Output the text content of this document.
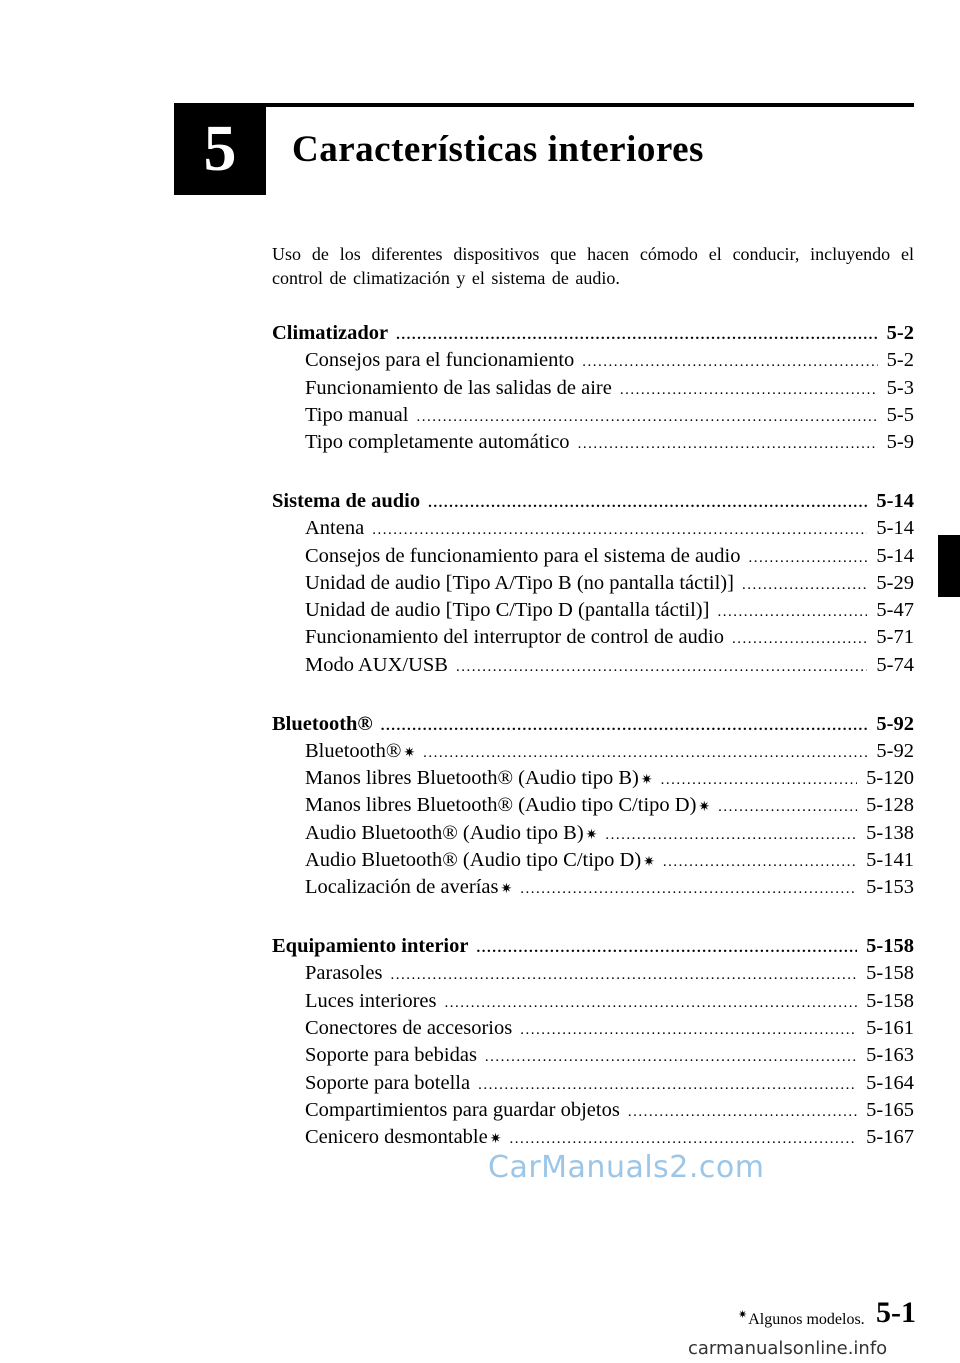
5	Características interiores

Uso de los diferentes dispositivos que hacen cómodo el conducir, incluyendo el control de climatización y el sistema de audio.

Climatizador .....	5-2
Consejos para el funcionamiento .....	5-2
Funcionamiento de las salidas de aire .....	5-3
Tipo manual .....	5-5
Tipo completamente automático .....	5-9
Sistema de audio .....	5-14
Antena .....	5-14
Consejos de funcionamiento para el sistema de audio .....	5-14
Unidad de audio [Tipo A/Tipo B (no pantalla táctil)] .....	5-29
Unidad de audio [Tipo C/Tipo D (pantalla táctil)] .....	5-47
Funcionamiento del interruptor de control de audio .....	5-71
Modo AUX/USB .....	5-74
Bluetooth® .....	5-92
Bluetooth® ✷ .....	5-92
Manos libres Bluetooth® (Audio tipo B) ✷ .....	5-120
Manos libres Bluetooth® (Audio tipo C/tipo D) ✷ .....	5-128
Audio Bluetooth® (Audio tipo B) ✷ .....	5-138
Audio Bluetooth® (Audio tipo C/tipo D) ✷ .....	5-141
Localización de averías ✷ .....	5-153
Equipamiento interior .....	5-158
Parasoles .....	5-158
Luces interiores .....	5-158
Conectores de accesorios .....	5-161
Soporte para bebidas .....	5-163
Soporte para botella .....	5-164
Compartimientos para guardar objetos .....	5-165
Cenicero desmontable ✷ .....	5-167
CarManuals2.com
✷Algunos modelos. 5-1
carmanualsonline.info
